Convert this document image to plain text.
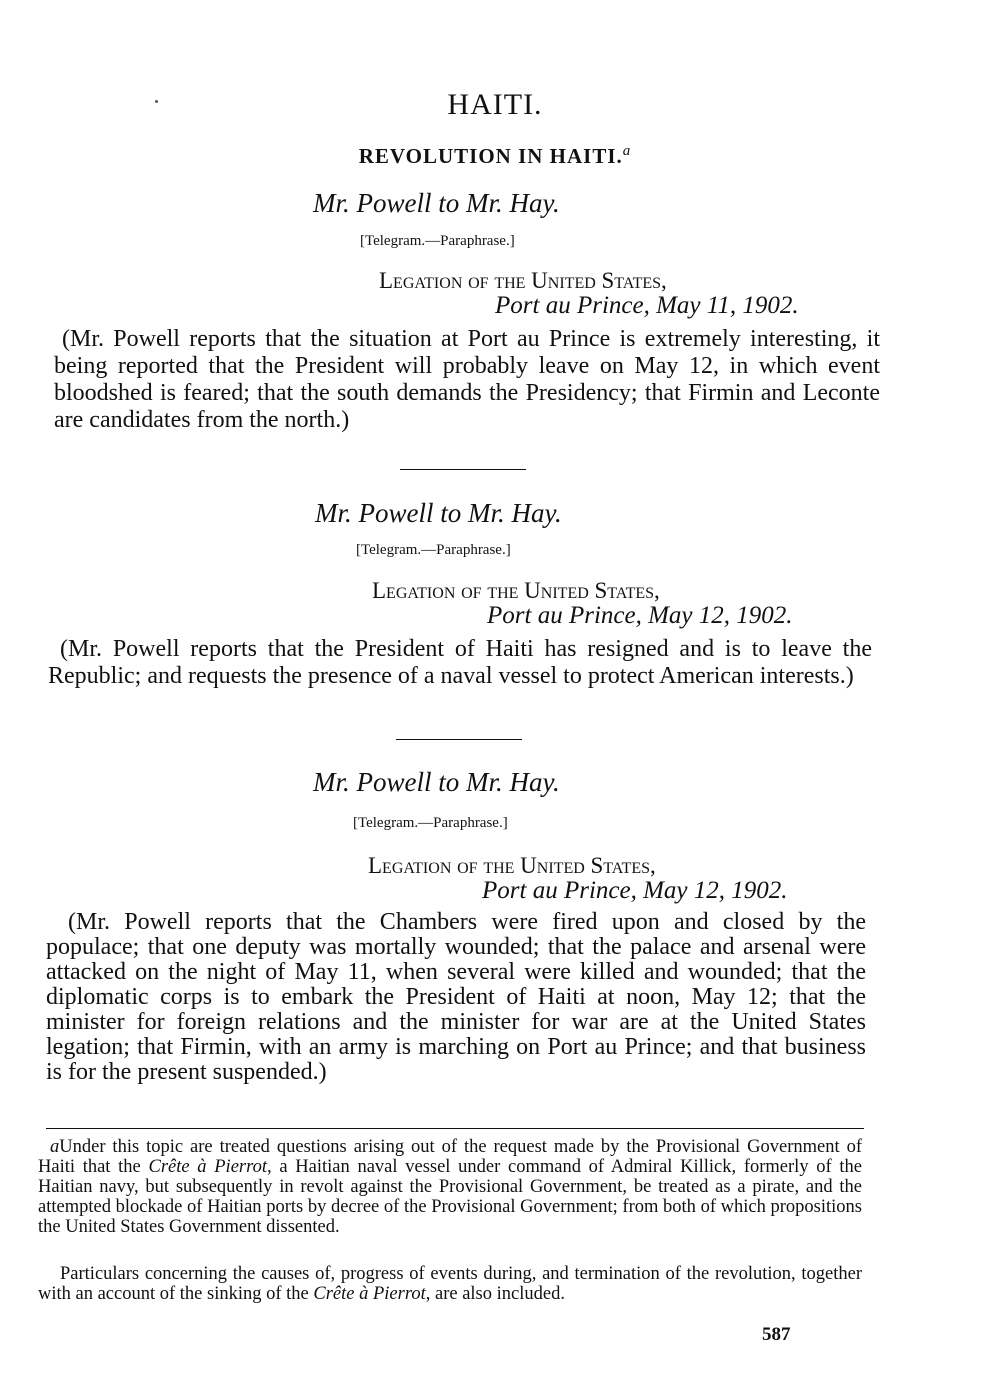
HAITI.
REVOLUTION IN HAITI.$^a$
Mr. Powell to Mr. Hay.
[Telegram.—Paraphrase.]
Legation of the United States,
Port au Prince, May 11, 1902.
(Mr. Powell reports that the situation at Port au Prince is extremely interesting, it being reported that the President will probably leave on May 12, in which event bloodshed is feared; that the south demands the Presidency; that Firmin and Leconte are candidates from the north.)
Mr. Powell to Mr. Hay.
[Telegram.—Paraphrase.]
Legation of the United States,
Port au Prince, May 12, 1902.
(Mr. Powell reports that the President of Haiti has resigned and is to leave the Republic; and requests the presence of a naval vessel to protect American interests.)
Mr. Powell to Mr. Hay.
[Telegram.—Paraphrase.]
Legation of the United States,
Port au Prince, May 12, 1902.
(Mr. Powell reports that the Chambers were fired upon and closed by the populace; that one deputy was mortally wounded; that the palace and arsenal were attacked on the night of May 11, when several were killed and wounded; that the diplomatic corps is to embark the President of Haiti at noon, May 12; that the minister for foreign relations and the minister for war are at the United States legation; that Firmin, with an army is marching on Port au Prince; and that business is for the present suspended.)
aUnder this topic are treated questions arising out of the request made by the Provisional Government of Haiti that the Crête à Pierrot, a Haitian naval vessel under command of Admiral Killick, formerly of the Haitian navy, but subsequently in revolt against the Provisional Government, be treated as a pirate, and the attempted blockade of Haitian ports by decree of the Provisional Government; from both of which propositions the United States Government dissented.
Particulars concerning the causes of, progress of events during, and termination of the revolution, together with an account of the sinking of the Crête à Pierrot, are also included.
587
